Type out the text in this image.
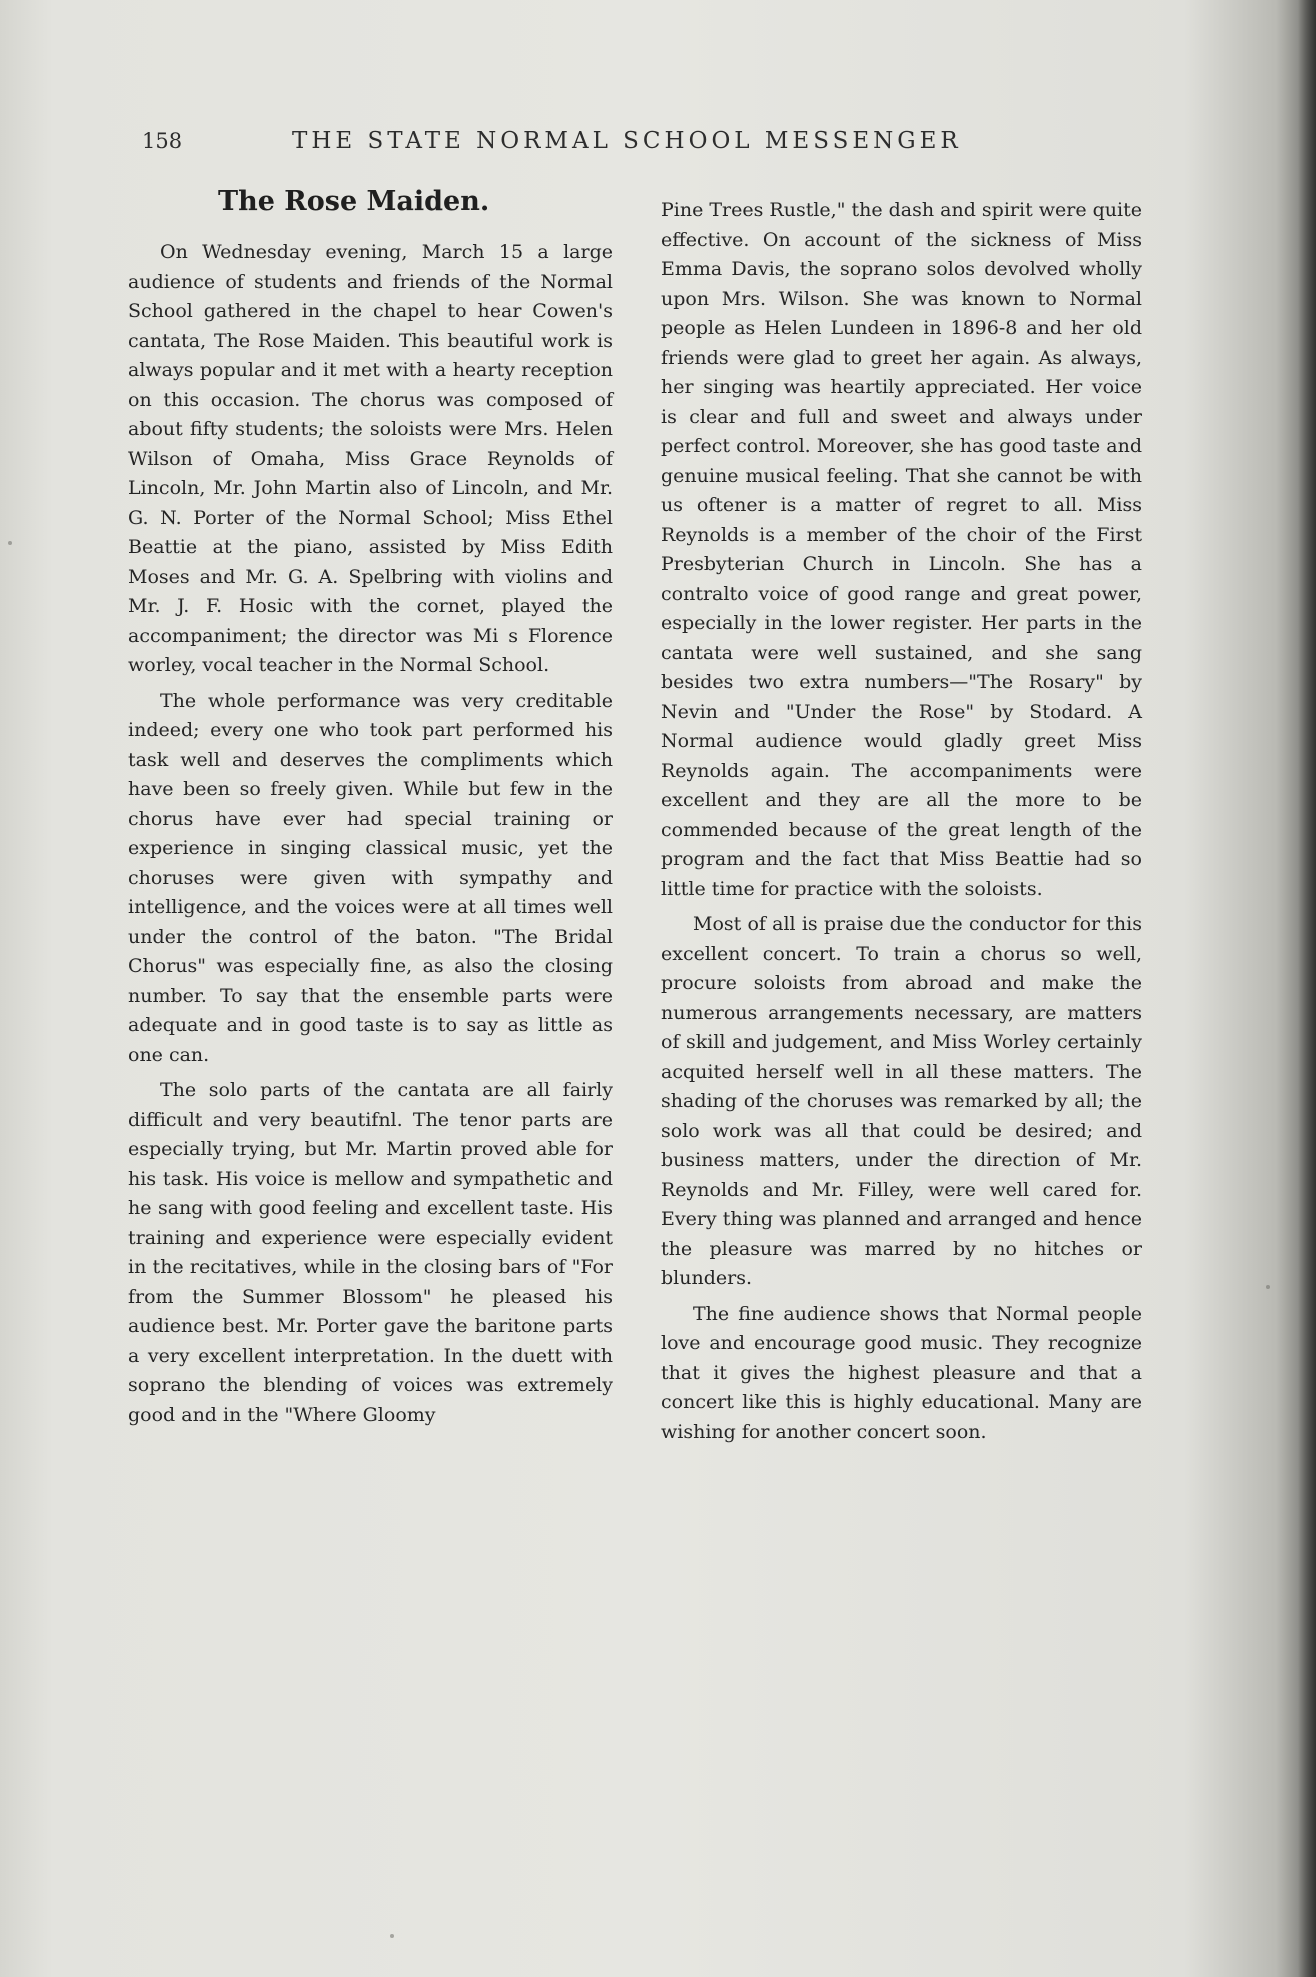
158	THE STATE NORMAL SCHOOL MESSENGER
The Rose Maiden.

On Wednesday evening, March 15 a large audience of students and friends of the Normal School gathered in the chapel to hear Cowen's cantata, The Rose Maiden. This beautiful work is always popular and it met with a hearty reception on this occasion. The chorus was composed of about fifty students; the soloists were Mrs. Helen Wilson of Omaha, Miss Grace Reynolds of Lincoln, Mr. John Martin also of Lincoln, and Mr. G. N. Porter of the Normal School; Miss Ethel Beattie at the piano, assisted by Miss Edith Moses and Mr. G. A. Spelbring with violins and Mr. J. F. Hosic with the cornet, played the accompaniment; the director was Mi s Florence worley, vocal teacher in the Normal School.

The whole performance was very creditable indeed; every one who took part performed his task well and deserves the compliments which have been so freely given. While but few in the chorus have ever had special training or experience in singing classical music, yet the choruses were given with sympathy and intelligence, and the voices were at all times well under the control of the baton. "The Bridal Chorus" was especially fine, as also the closing number. To say that the ensemble parts were adequate and in good taste is to say as little as one can.

The solo parts of the cantata are all fairly difficult and very beautifnl. The tenor parts are especially trying, but Mr. Martin proved able for his task. His voice is mellow and sympathetic and he sang with good feeling and excellent taste. His training and experience were especially evident in the recitatives, while in the closing bars of "For from the Summer Blossom" he pleased his audience best. Mr. Porter gave the baritone parts a very excellent interpretation. In the duett with soprano the blending of voices was extremely good and in the "Where Gloomy

Pine Trees Rustle," the dash and spirit were quite effective. On account of the sickness of Miss Emma Davis, the soprano solos devolved wholly upon Mrs. Wilson. She was known to Normal people as Helen Lundeen in 1896-8 and her old friends were glad to greet her again. As always, her singing was heartily appreciated. Her voice is clear and full and sweet and always under perfect control. Moreover, she has good taste and genuine musical feeling. That she cannot be with us oftener is a matter of regret to all. Miss Reynolds is a member of the choir of the First Presbyterian Church in Lincoln. She has a contralto voice of good range and great power, especially in the lower register. Her parts in the cantata were well sustained, and she sang besides two extra numbers—"The Rosary" by Nevin and "Under the Rose" by Stodard. A Normal audience would gladly greet Miss Reynolds again. The accompaniments were excellent and they are all the more to be commended because of the great length of the program and the fact that Miss Beattie had so little time for practice with the soloists.

Most of all is praise due the conductor for this excellent concert. To train a chorus so well, procure soloists from abroad and make the numerous arrangements necessary, are matters of skill and judgement, and Miss Worley certainly acquited herself well in all these matters. The shading of the choruses was remarked by all; the solo work was all that could be desired; and business matters, under the direction of Mr. Reynolds and Mr. Filley, were well cared for. Every thing was planned and arranged and hence the pleasure was marred by no hitches or blunders.

The fine audience shows that Normal people love and encourage good music. They recognize that it gives the highest pleasure and that a concert like this is highly educational. Many are wishing for another concert soon.
